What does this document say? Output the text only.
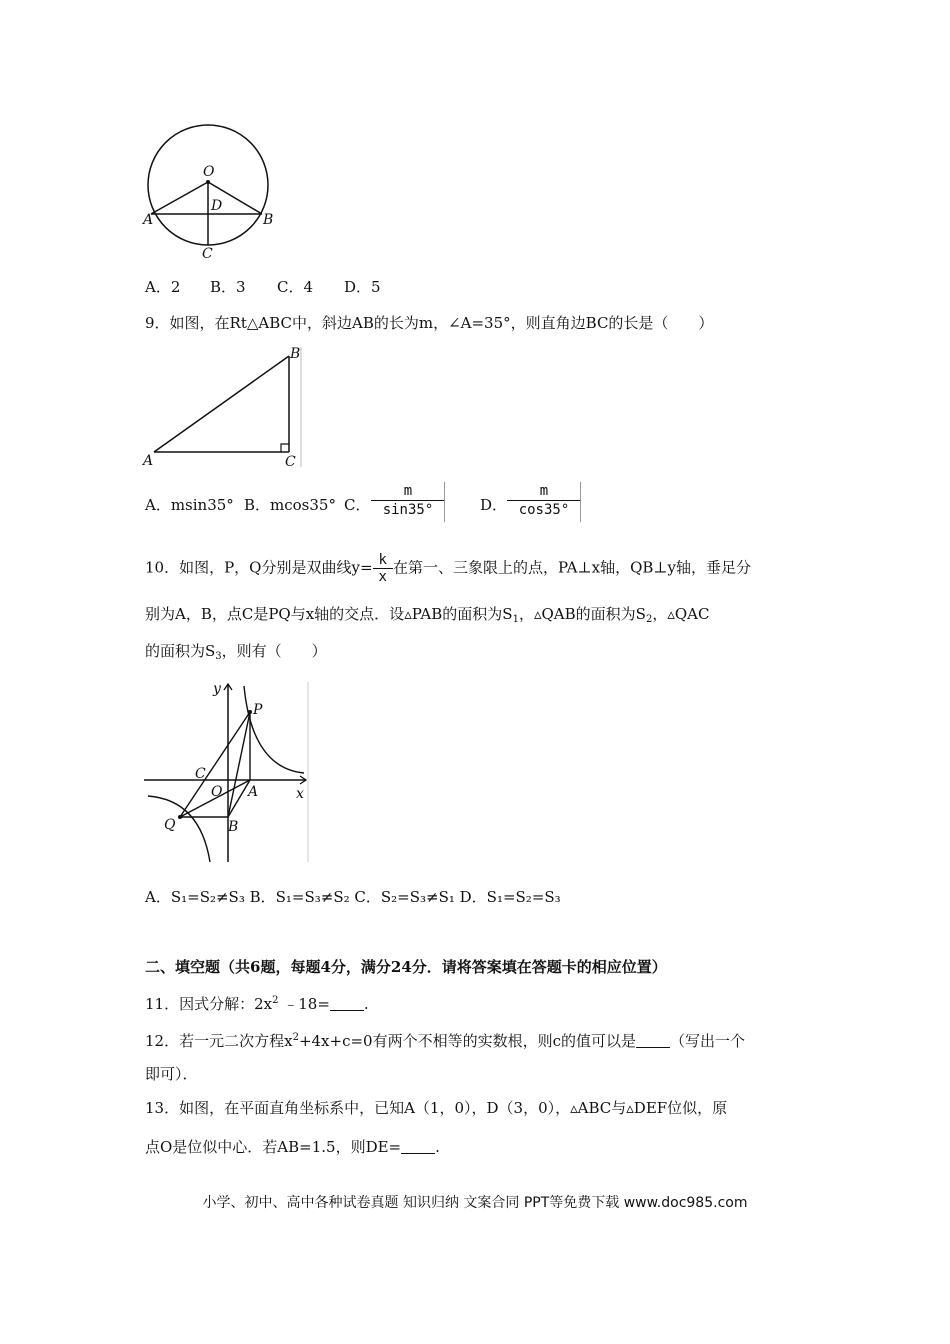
O
D
A	B
C
A．2 B．3 C．4 D．5
9．如图，在Rt△ABC中，斜边AB的长为m，∠A=35°，则直角边BC的长是（　　）
A
B
C
A．msin35° B．mcos35° C． $\frac{m}{\sin 35^\circ}$ D． $\frac{m}{\cos 35^\circ}$
10．如图，P，Q分别是双曲线$y= \frac{k}{x}$ 在第一、三象限上的点，PA⊥x轴，QB⊥y轴，垂足分
别为A，B，点C是PQ与x轴的交点．设▵PAB的面积为$S_1$，▵QAB的面积为$S_2$，▵QAC
的面积为$S_3$，则有（　　）
y
x
P
C
O A
Q	B
A．S₁=S₂≠S₃ B．S₁=S₃≠S₂ C．S₂=S₃≠S₁ D．S₁=S₂=S₃
二、填空题（共6题，每题4分，满分24分．请将答案填在答题卡的相应位置）
11．因式分解：$2x^2$ ﹣18= .
12．若一元二次方程$x^2+4x+c=0$有两个不相等的实数根，则c的值可以是 （写出一个
即可）．
13．如图，在平面直角坐标系中，已知A（1，0），D（3，0），▵ABC与▵DEF位似，原
点O是位似中心．若AB=1.5，则DE= .
小学、初中、高中各种试卷真题 知识归纳 文案合同 PPT等免费下载 www.doc985.com
